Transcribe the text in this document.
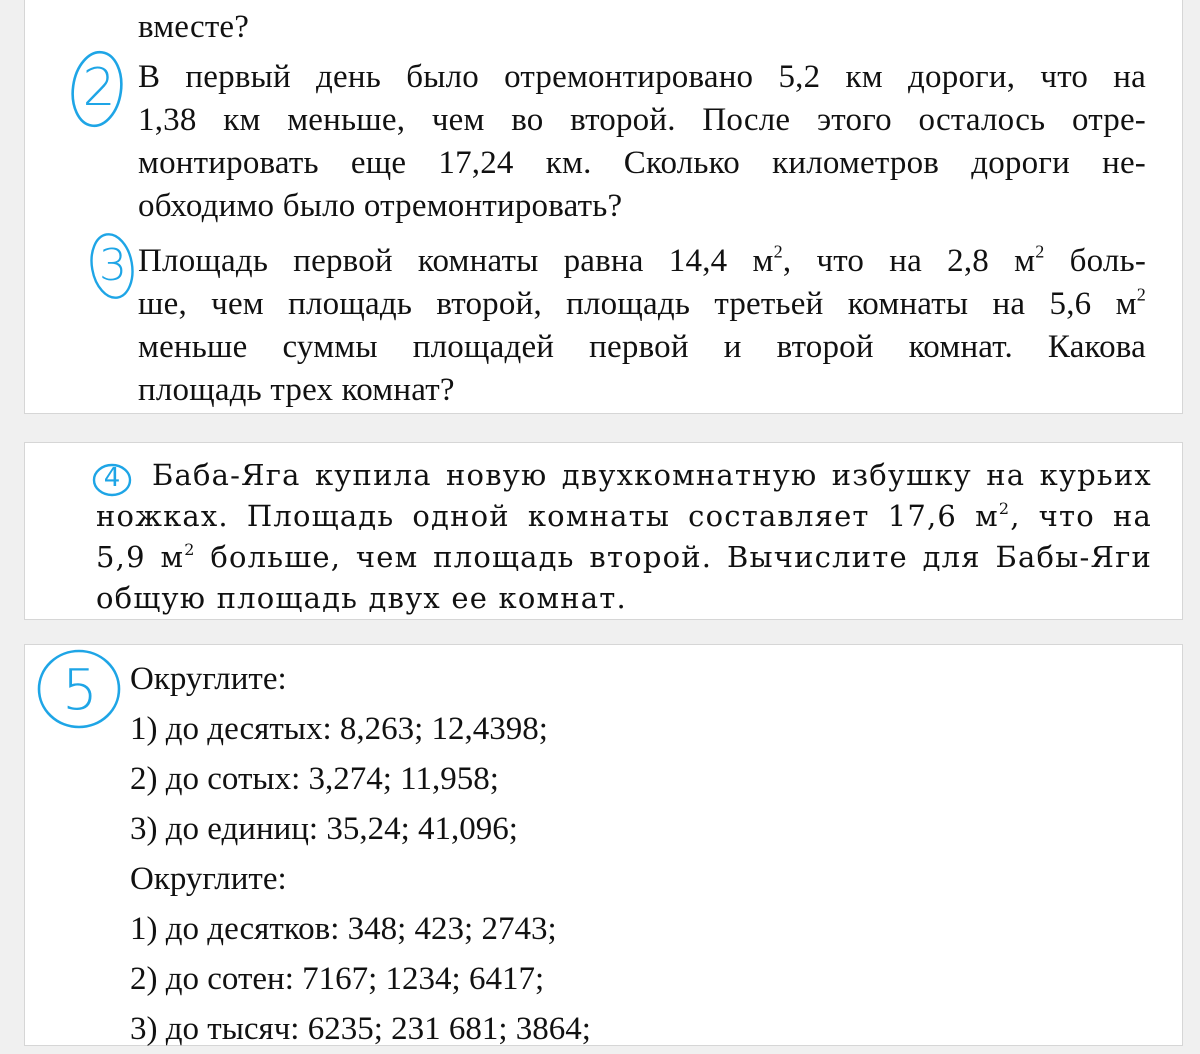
вместе?
2 В первый день было отремонтировано 5,2 км дороги, что на
1,38 км меньше, чем во второй. После этого осталось отре-
монтировать еще 17,24 км. Сколько километров дороги не-
обходимо было отремонтировать?
3 Площадь первой комнаты равна 14,4 $м^2$, что на 2,8 $м^2$ боль-
ше, чем площадь второй, площадь третьей комнаты на 5,6 $м^2$
меньше суммы площадей первой и второй комнат. Какова
площадь трех комнат?
4	Баба-Яга купила новую двухкомнатную избушку на курьих
ножках. Площадь одной комнаты составляет 17,6 $м^2$, что на
5,9 $м^2$ больше, чем площадь второй. Вычислите для Бабы-Яги
общую площадь двух ее комнат.
5 Округлите:
1) до десятых: 8,263; 12,4398;
2) до сотых: 3,274; 11,958;
3) до единиц: 35,24; 41,096;
Округлите:
1) до десятков: 348; 423; 2743;
2) до сотен: 7167; 1234; 6417;
3) до тысяч: 6235; 231 681; 3864;
